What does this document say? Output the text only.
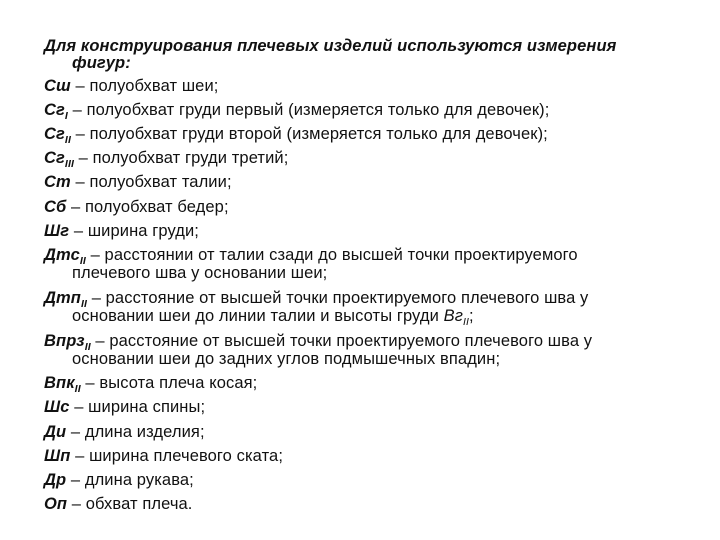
Для конструирования плечевых изделий используются измерения
фигур:
Сш – полуобхват шеи;
$Сг_I$ – полуобхват груди первый (измеряется только для девочек);
$Сг_{II}$ – полуобхват груди второй (измеряется только для девочек);
$Сг_{III}$ – полуобхват груди третий;
Ст – полуобхват талии;
Сб – полуобхват бедер;
Шг – ширина груди;
Дтс$_{II}$ – расстоянии от талии сзади до высшей точки проектируемого
плечевого шва у основании шеи;
Дтп$_{II}$ – расстояние от высшей точки проектируемого плечевого шва у
основании шеи до линии талии и высоты груди $Вг_{II}$;
Впрз$_{II}$ – расстояние от высшей точки проектируемого плечевого шва у
основании шеи до задних углов подмышечных впадин;
Впк$_{II}$ – высота плеча косая;
Шс – ширина спины;
Ди – длина изделия;
Шп – ширина плечевого ската;
Др – длина рукава;
Оп – обхват плеча.
